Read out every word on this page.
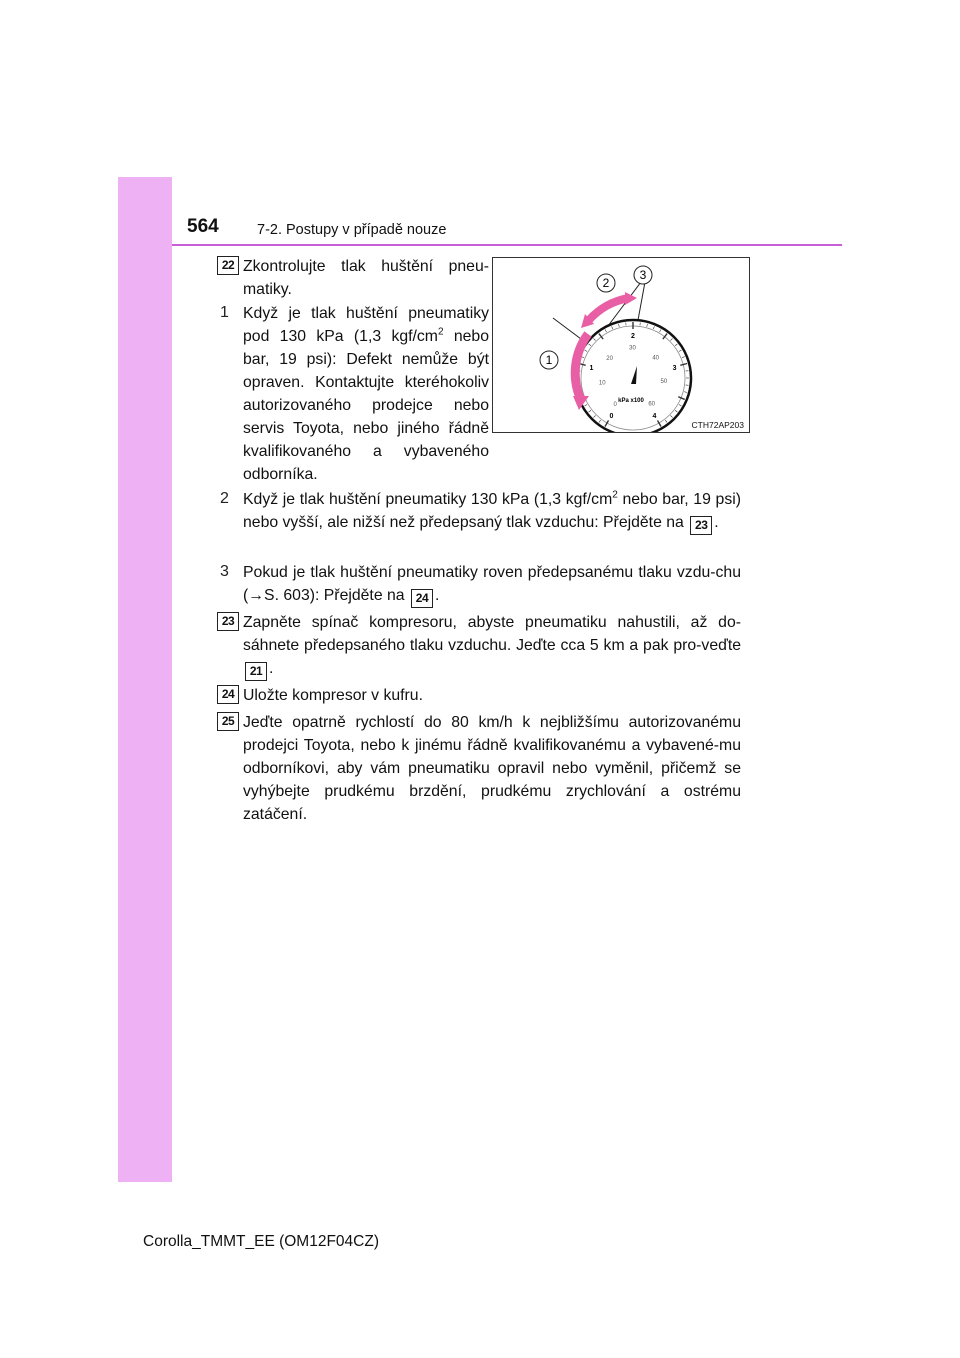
564	7-2. Postupy v případě nouze
22 Zkontrolujte tlak huštění pneu-matiky.
1 Když je tlak huštění pneumatiky pod 130 kPa (1,3 kgf/$cm^2$ nebo bar, 19 psi): Defekt nemůže být opraven. Kontaktujte kteréhokoliv autorizovaného prodejce nebo servis Toyota, nebo jiného řádně kvalifikovaného a vybaveného odborníka.
0
1
2
3
4
0
10
20
30
40
50
60
kPa x100
1
2
3
CTH72AP203
2 Když je tlak huštění pneumatiky 130 kPa (1,3 kgf/$cm^2$ nebo bar, 19 psi) nebo vyšší, ale nižší než předepsaný tlak vzduchu: Přejděte na 23 .
3 Pokud je tlak huštění pneumatiky roven předepsanému tlaku vzdu-chu (→S. 603): Přejděte na 24 .
23 Zapněte spínač kompresoru, abyste pneumatiku nahustili, až do-sáhnete předepsaného tlaku vzduchu. Jeďte cca 5 km a pak pro-veďte 21 .
24 Uložte kompresor v kufru.
25 Jeďte opatrně rychlostí do 80 km/h k nejbližšímu autorizovanému prodejci Toyota, nebo k jinému řádně kvalifikovanému a vybavené-mu odborníkovi, aby vám pneumatiku opravil nebo vyměnil, přičemž se vyhýbejte prudkému brzdění, prudkému zrychlování a ostrému zatáčení.
Corolla_TMMT_EE (OM12F04CZ)
